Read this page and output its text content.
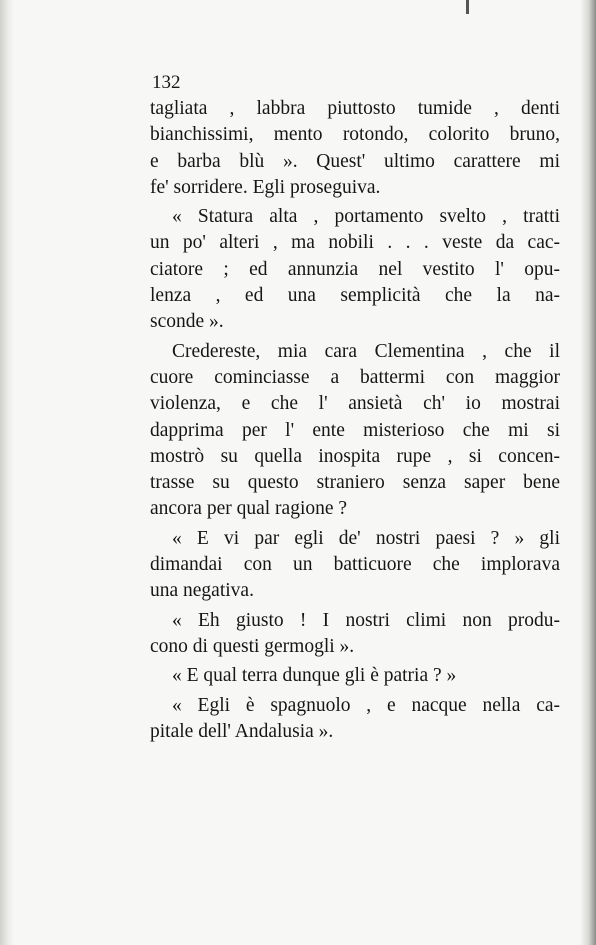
132
tagliata , labbra piuttosto tumide , denti
bianchissimi, mento rotondo, colorito bruno,
e barba blù ». Quest' ultimo carattere mi
fe' sorridere. Egli proseguiva.
« Statura alta , portamento svelto , tratti
un po' alteri , ma nobili . . . veste da cac-
ciatore ; ed annunzia nel vestito l' opu-
lenza , ed una semplicità che la na-
sconde ».
Credereste, mia cara Clementina , che il
cuore cominciasse a battermi con maggior
violenza, e che l' ansietà ch' io mostrai
dapprima per l' ente misterioso che mi si
mostrò su quella inospita rupe , si concen-
trasse su questo straniero senza saper bene
ancora per qual ragione ?
« E vi par egli de' nostri paesi ? » gli
dimandai con un batticuore che implorava
una negativa.
« Eh giusto ! I nostri climi non produ-
cono di questi germogli ».
« E qual terra dunque gli è patria ? »
« Egli è spagnuolo , e nacque nella ca-
pitale dell' Andalusia ».
